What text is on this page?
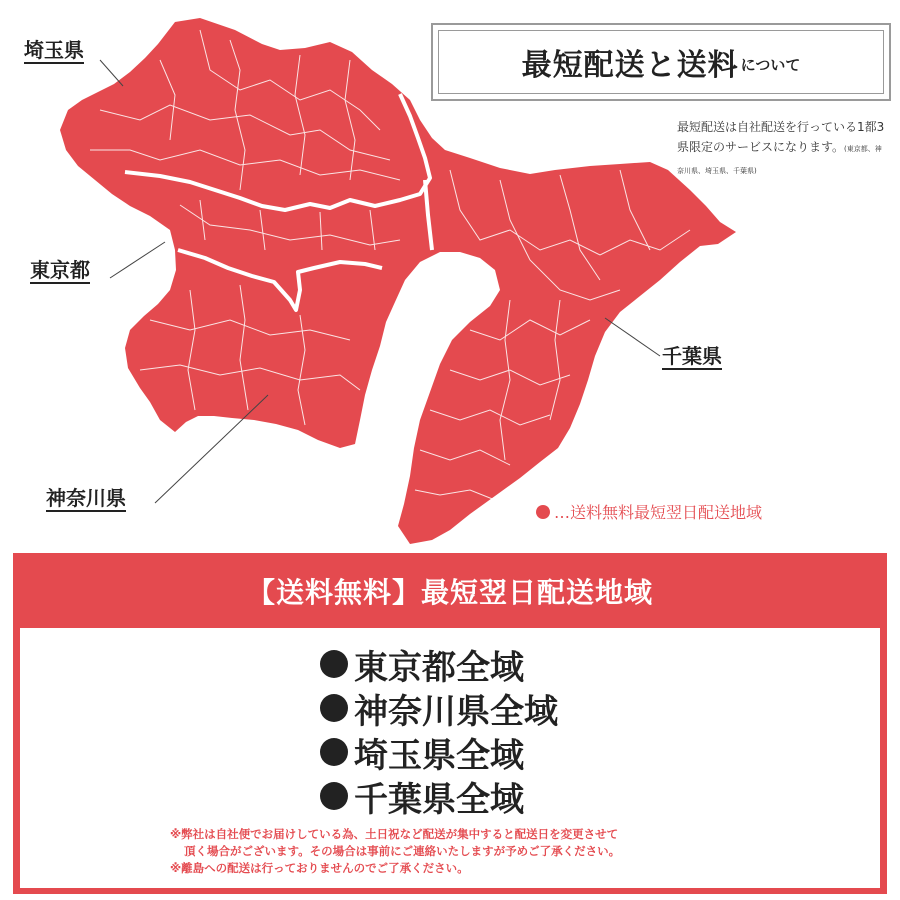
埼玉県
東京都
千葉県
神奈川県
最短配送と送料 について
最短配送は自社配送を行っている1都3県限定のサービスになります。(東京都、神奈川県、埼玉県、千葉県)
…送料無料最短翌日配送地域
【送料無料】最短翌日配送地域
東京都全域
神奈川県全域
埼玉県全域
千葉県全域
※弊社は自社便でお届けしている為、土日祝など配送が集中すると配送日を変更させて
頂く場合がございます。その場合は事前にご連絡いたしますが予めご了承ください。
※離島への配送は行っておりませんのでご了承ください。
